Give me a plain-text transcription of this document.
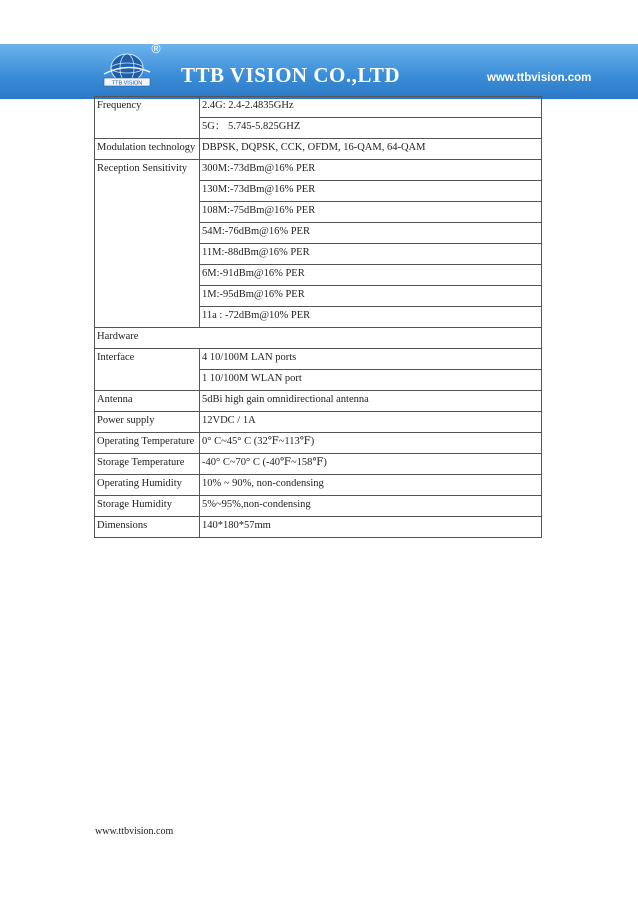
TTB VISION
®
TTB VISION CO.,LTD	www.ttbvision.com
Frequency	2.4G: 2.4-2.4835GHz
	5G： 5.745-5.825GHZ
Modulation technology	DBPSK, DQPSK, CCK, OFDM, 16-QAM, 64-QAM
Reception Sensitivity	300M:-73dBm@16% PER
	130M:-73dBm@16% PER
	108M:-75dBm@16% PER
	54M:-76dBm@16% PER
	11M:-88dBm@16% PER
	6M:-91dBm@16% PER
	1M:-95dBm@16% PER
	11a : -72dBm@10% PER
Hardware	
Interface	4 10/100M LAN ports
	1 10/100M WLAN port
Antenna	5dBi high gain omnidirectional antenna
Power supply	12VDC / 1A
Operating Temperature	0° C~45° C (32℉~113℉)
Storage Temperature	-40° C~70° C (-40℉~158℉)
Operating Humidity	10% ~ 90%, non-condensing
Storage Humidity	5%~95%,non-condensing
Dimensions	140*180*57mm
www.ttbvision.com
